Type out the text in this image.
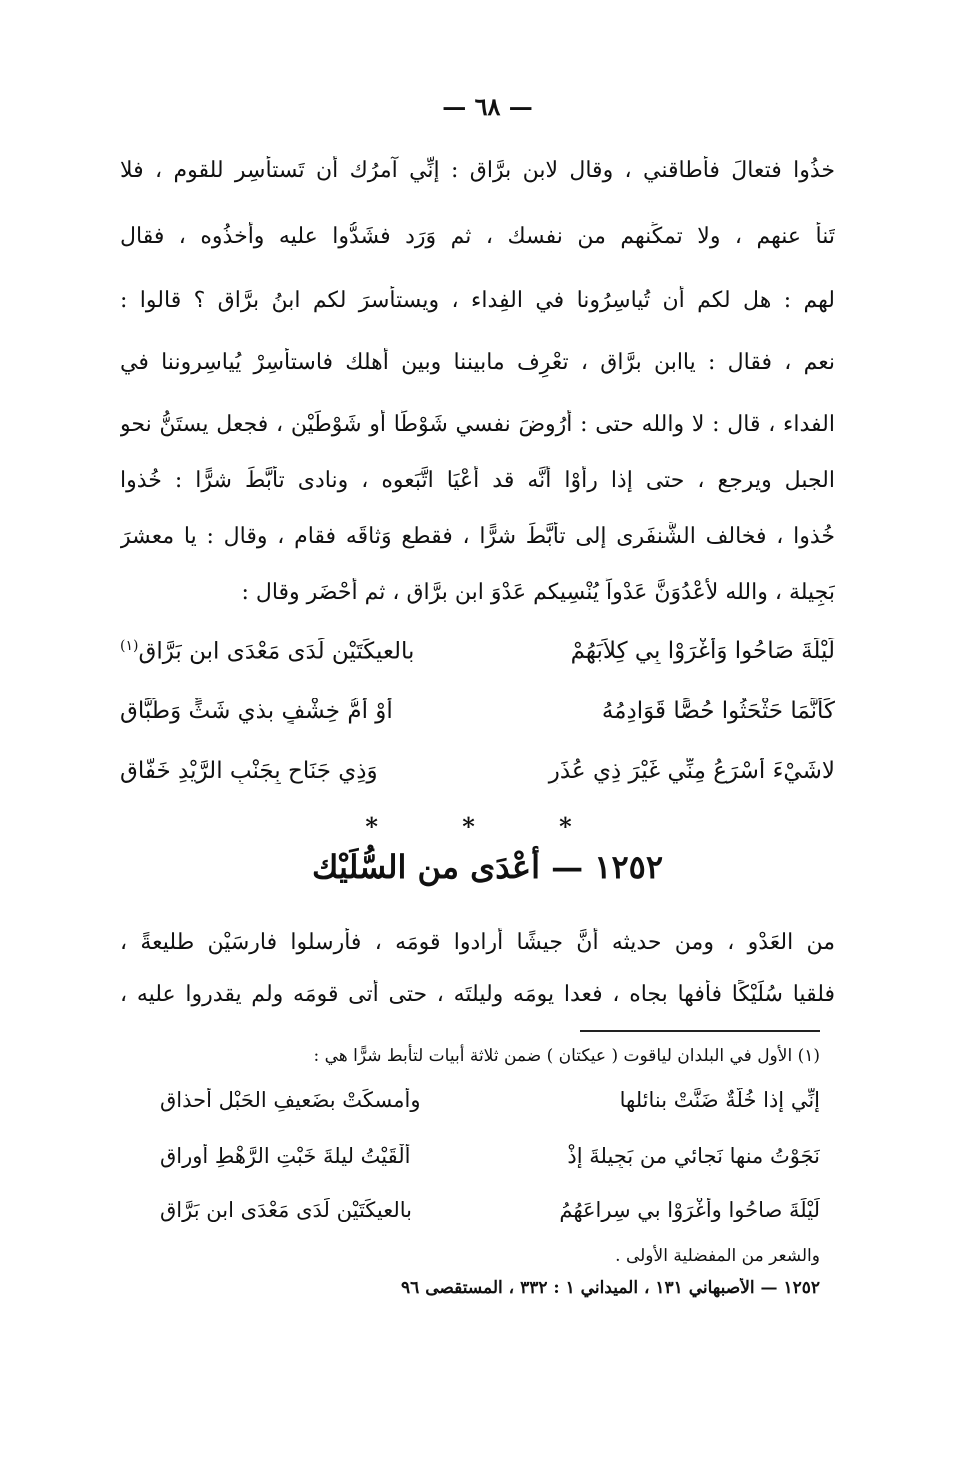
— ٦٨ —
خذُوا فتعالَ فأطاقني ، وقال لابن برَّاق : إنِّي آمرُك أن تَستأسِر للقوم ، فلا
تَنأ عنهم ، ولا تمكِّنهم من نفسك ، ثم وَرَد فشَدُّوا عليه وأخذُوه ، فقال
لهم : هل لكم أن تُياسِرُونا في الفِداء ، ويستأسرَ لكم ابنُ برَّاق ؟ قالوا :
نعم ، فقال : ياابن برَّاق ، تعْرِف مابيننا وبين أهلك فاستأسِرْ يُياسِروننا في
الفداء ، قال : لا والله حتى : أرُوضَ نفسي شَوْطًا أو شَوْطَيْن ، فجعل يستَنُّ نحو
الجبل ويرجع ، حتى إذا رأوْا أنَّه قد أعْيَا اتَّبَعوه ، ونادى تأبَّطَ شرًّا : خُذوا
خُذوا ، فخالف الشَّنفَرى إلى تأبَّطَ شرًّا ، فقطع وَثاقَه فقام ، وقال : يا معشرَ
بَجِيلة ، والله لأعْدُوَنَّ عَدْواً يُنْسِيكم عَدْوَ ابن برَّاق ، ثم أحْضَر وقال :
لَيْلَةَ صَاحُوا وَأَغْرَوْا بِي كِلاَبَهُمْ
بالعيكَتَيْن لَدَى مَعْدَى ابن بَرَّاقِ$^{(١)}$
كَأَنَّمَا حَثْحَثُوا حُصًّا قَوَادِمُهُ
أَوْ أُمُّ خِشْفٍ بذي شَثٍّ وَطُبَّاقِ
لاشَيْءَ أَسْرَعُ مِنِّي غَيْرَ ذِي عُذَرٍ
وَذِي جَنَاحٍ بِجَنْبِ الرَّيْدِ خَفَّاقِ
* * *
١٢٥٢ — أعْدَى من السُّلَيْك
من العَدْو ، ومن حديثه أنَّ جيشًا أرادوا قومَه ، فأرسلوا فارسَيْن طليعةً ،
فلقيا سُلَيْكًا فأفها بجاه ، فعدا يومَه وليلتَه ، حتى أتى قومَه ولم يقدروا عليه ،
(١) الأول في البلدان لياقوت ( عيكتان ) ضمن ثلاثة أبيات لتأبط شرًّا هي :
إنِّي إذا خُلَّةٌ ضَنَّتْ بنائلها
وأمسكَتْ بضَعيفِ الحَبْلِ أحذاقِ
نَجَوْتُ منها نَجائي من بَجِيلةَ إذْ
أَلْقَيْتُ ليلةَ خَبْتِ الرَّهْطِ أوراقِ
لَيْلَةَ صاحُوا وأغْرَوْا بي سِراعَهُمُ
بالعيكَتَيْن لَدَى مَعْدَى ابن بَرَّاقِ
والشعر من المفضلية الأولى .
١٢٥٢ — الأصبهاني ١٣١ ، الميداني ١ : ٣٣٢ ، المستقصى ٩٦
